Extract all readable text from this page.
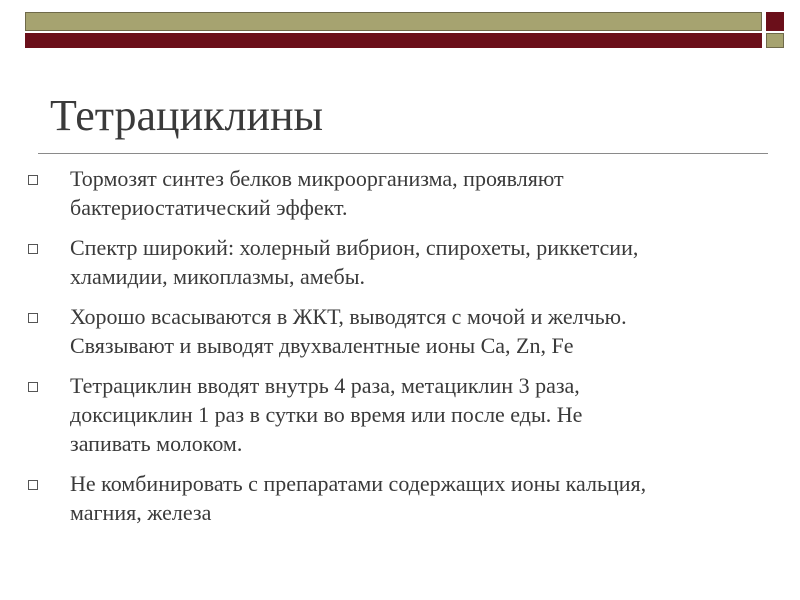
Тетрациклины
Тормозят синтез белков микроорганизма, проявляют
бактериостатический эффект.
Спектр широкий: холерный вибрион, спирохеты, риккетсии,
хламидии, микоплазмы, амебы.
Хорошо всасываются в ЖКТ, выводятся с мочой и желчью.
Связывают и выводят двухвалентные ионы Ca, Zn, Fe
Тетрациклин вводят внутрь 4 раза, метациклин 3 раза,
доксициклин 1 раз в сутки во время или после еды. Не
запивать молоком.
Не комбинировать с препаратами содержащих ионы кальция,
магния, железа
